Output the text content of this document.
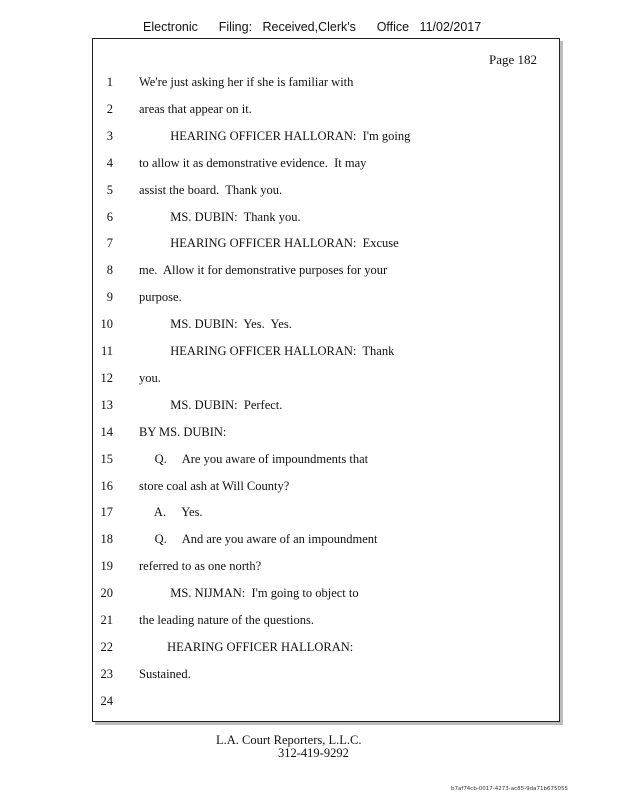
Electronic      Filing:   Received,Clerk's      Office   11/02/2017
Page 182
1 We're just asking her if she is familiar with
2 areas that appear on it.
3 HEARING OFFICER HALLORAN:  I'm going
4 to allow it as demonstrative evidence.  It may
5 assist the board.  Thank you.
6 MS. DUBIN:  Thank you.
7 HEARING OFFICER HALLORAN:  Excuse
8 me.  Allow it for demonstrative purposes for your
9 purpose.
10 MS. DUBIN:  Yes.  Yes.
11 HEARING OFFICER HALLORAN:  Thank
12 you.
13 MS. DUBIN:  Perfect.
14 BY MS. DUBIN:
15 Q.     Are you aware of impoundments that
16 store coal ash at Will County?
17 A.     Yes.
18 Q.     And are you aware of an impoundment
19 referred to as one north?
20 MS. NIJMAN:  I'm going to object to
21 the leading nature of the questions.
22 HEARING OFFICER HALLORAN:
23 Sustained.
24
L.A. Court Reporters, L.L.C.
312-419-9292
b7af74cb-0017-4273-ac85-9da71b675055
